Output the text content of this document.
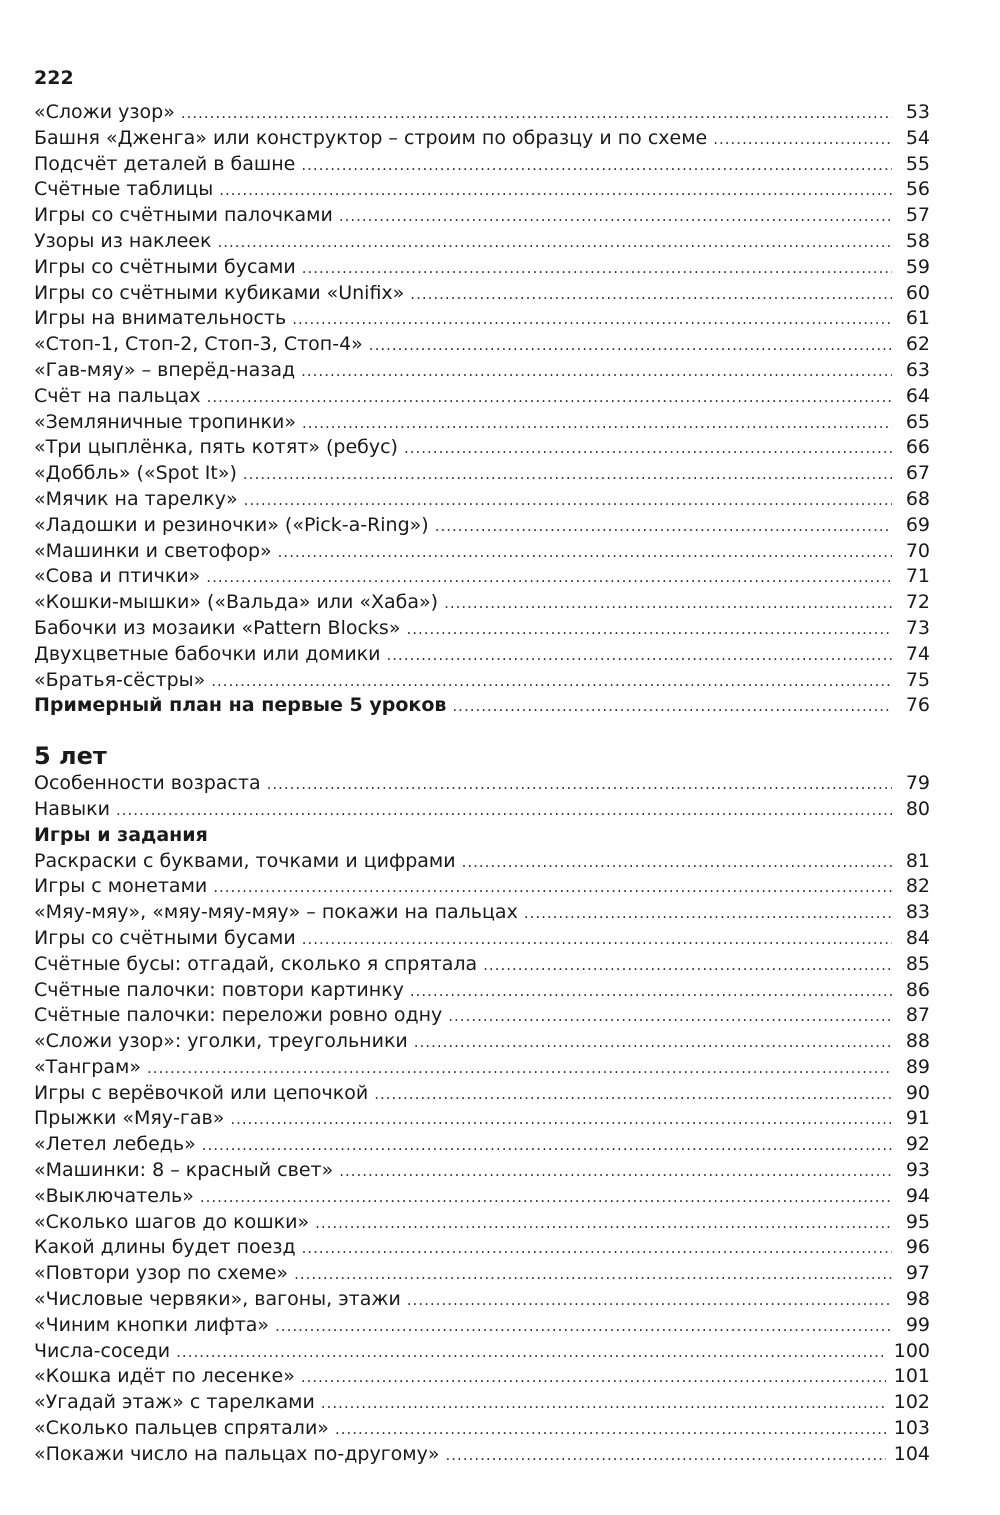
222
«Сложи узор» .....	53
Башня «Дженга» или конструктор – строим по образцу и по схеме .....	54
Подсчёт деталей в башне .....	55
Счётные таблицы .....	56
Игры со счётными палочками .....	57
Узоры из наклеек .....	58
Игры со счётными бусами .....	59
Игры со счётными кубиками «Unifix» .....	60
Игры на внимательность .....	61
«Стоп-1, Стоп-2, Стоп-3, Стоп-4» .....	62
«Гав-мяу» – вперёд-назад .....	63
Счёт на пальцах .....	64
«Земляничные тропинки» .....	65
«Три цыплёнка, пять котят» (ребус) .....	66
«Доббль» («Spot It») .....	67
«Мячик на тарелку» .....	68
«Ладошки и резиночки» («Pick-a-Ring») .....	69
«Машинки и светофор» .....	70
«Сова и птички» .....	71
«Кошки-мышки» («Вальда» или «Хаба») .....	72
Бабочки из мозаики «Pattern Blocks» .....	73
Двухцветные бабочки или домики .....	74
«Братья-сёстры» .....	75
Примерный план на первые 5 уроков .....	76
5 лет
Особенности возраста .....	79
Навыки .....	80
Игры и задания
Раскраски с буквами, точками и цифрами .....	81
Игры с монетами .....	82
«Мяу-мяу», «мяу-мяу-мяу» – покажи на пальцах .....	83
Игры со счётными бусами .....	84
Счётные бусы: отгадай, сколько я спрятала .....	85
Счётные палочки: повтори картинку .....	86
Счётные палочки: переложи ровно одну .....	87
«Сложи узор»: уголки, треугольники .....	88
«Танграм» .....	89
Игры с верёвочкой или цепочкой .....	90
Прыжки «Мяу-гав» .....	91
«Летел лебедь» .....	92
«Машинки: 8 – красный свет» .....	93
«Выключатель» .....	94
«Сколько шагов до кошки» .....	95
Какой длины будет поезд .....	96
«Повтори узор по схеме» .....	97
«Числовые червяки», вагоны, этажи .....	98
«Чиним кнопки лифта» .....	99
Числа-соседи .....	100
«Кошка идёт по лесенке» .....	101
«Угадай этаж» с тарелками .....	102
«Сколько пальцев спрятали» .....	103
«Покажи число на пальцах по-другому» .....	104
